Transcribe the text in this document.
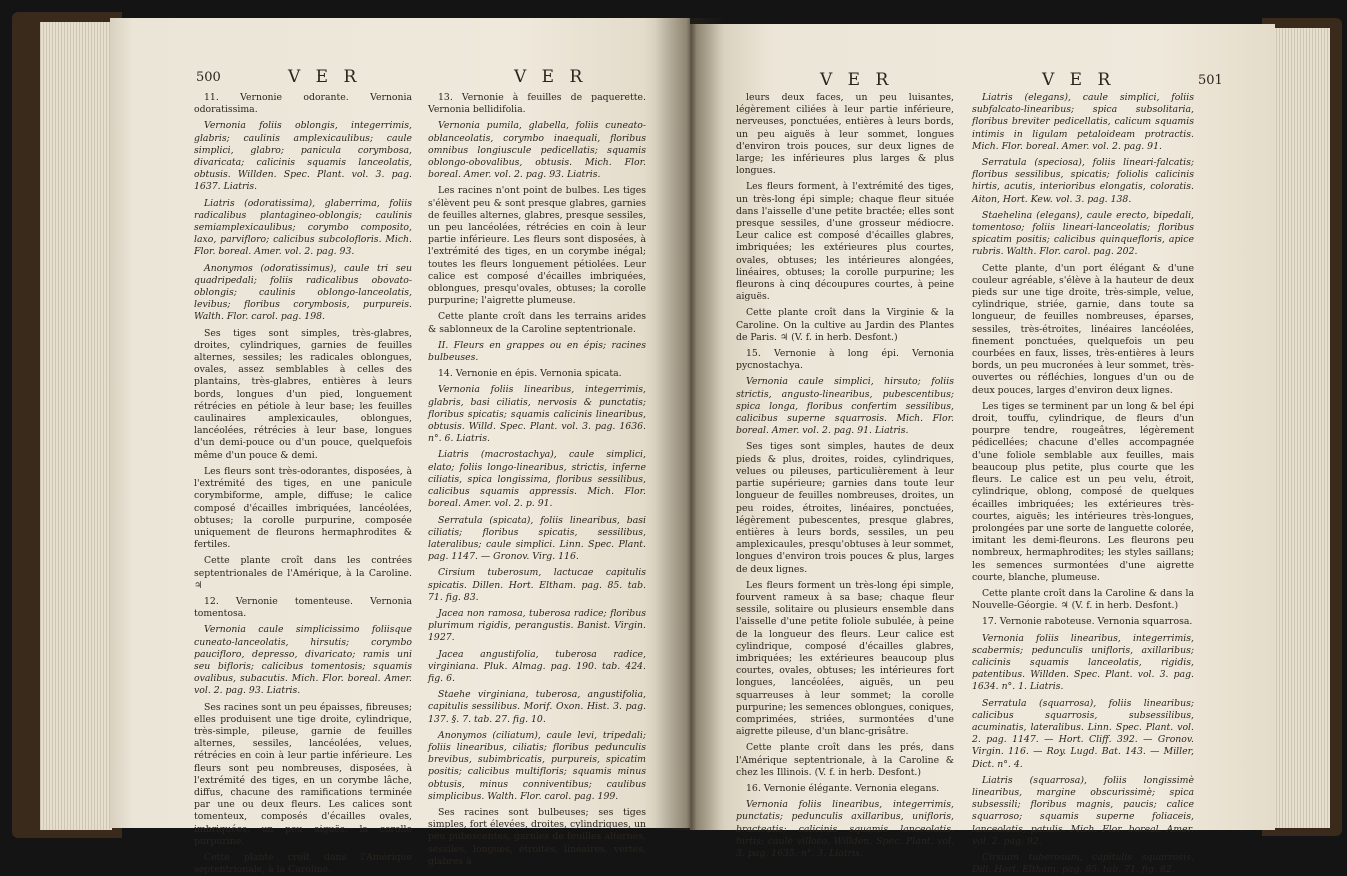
500	V E R	V E R

11. Vernonie odorante. Vernonia odoratissima.

Vernonia foliis oblongis, integerrimis, glabris; caulinis amplexicaulibus; caule simplici, glabro; panicula corymbosa, divaricata; calicinis squamis lanceolatis, obtusis. Willden. Spec. Plant. vol. 3. pag. 1637. Liatris.

Liatris (odoratissima), glaberrima, foliis radicalibus plantagineo-oblongis; caulinis semiamplexicaulibus; corymbo composito, laxo, parvifloro; calicibus subcolofloris. Mich. Flor. boreal. Amer. vol. 2. pag. 93.

Anonymos (odoratissimus), caule tri seu quadripedali; foliis radicalibus obovato-oblongis; caulinis oblongo-lanceolatis, levibus; floribus corymbosis, purpureis. Walth. Flor. carol. pag. 198.

Ses tiges sont simples, très-glabres, droites, cylindriques, garnies de feuilles alternes, sessiles; les radicales oblongues, ovales, assez semblables à celles des plantains, très-glabres, entières à leurs bords, longues d'un pied, longuement rétrécies en pétiole à leur base; les feuilles caulinaires amplexicaules, oblongues, lancéolées, rétrécies à leur base, longues d'un demi-pouce ou d'un pouce, quelquefois même d'un pouce & demi.

Les fleurs sont très-odorantes, disposées, à l'extrémité des tiges, en une panicule corymbiforme, ample, diffuse; le calice composé d'écailles imbriquées, lancéolées, obtuses; la corolle purpurine, composée uniquement de fleurons hermaphrodites & fertiles.

Cette plante croît dans les contrées septentrionales de l'Amérique, à la Caroline. ♃

12. Vernonie tomenteuse. Vernonia tomentosa.

Vernonia caule simplicissimo foliisque cuneato-lanceolatis, hirsutis; corymbo paucifloro, depresso, divaricato; ramis uni seu bifloris; calicibus tomentosis; squamis ovalibus, subacutis. Mich. Flor. boreal. Amer. vol. 2. pag. 93. Liatris.

Ses racines sont un peu épaisses, fibreuses; elles produisent une tige droite, cylindrique, très-simple, pileuse, garnie de feuilles alternes, sessiles, lancéolées, velues, rétrécies en coin à leur partie inférieure. Les fleurs sont peu nombreuses, disposées, à l'extrémité des tiges, en un corymbe lâche, diffus, chacune des ramifications terminée par une ou deux fleurs. Les calices sont tomenteux, composés d'écailles ovales, imbriquées, un peu aiguës; la corolle purpurine.

Cette plante croît dans l'Amérique septentrionale, à la Caroline.

13. Vernonie à feuilles de paquerette. Vernonia bellidifolia.

Vernonia pumila, glabella, foliis cuneato-oblanceolatis, corymbo inaequali, floribus omnibus longiuscule pedicellatis; squamis oblongo-obovalibus, obtusis. Mich. Flor. boreal. Amer. vol. 2. pag. 93. Liatris.

Les racines n'ont point de bulbes. Les tiges s'élèvent peu & sont presque glabres, garnies de feuilles alternes, glabres, presque sessiles, un peu lancéolées, rétrécies en coin à leur partie inférieure. Les fleurs sont disposées, à l'extrémité des tiges, en un corymbe inégal; toutes les fleurs longuement pétiolées. Leur calice est composé d'écailles imbriquées, oblongues, presqu'ovales, obtuses; la corolle purpurine; l'aigrette plumeuse.

Cette plante croît dans les terrains arides & sablonneux de la Caroline septentrionale.

II. Fleurs en grappes ou en épis; racines bulbeuses.

14. Vernonie en épis. Vernonia spicata.

Vernonia foliis linearibus, integerrimis, glabris, basi ciliatis, nervosis & punctatis; floribus spicatis; squamis calicinis linearibus, obtusis. Willd. Spec. Plant. vol. 3. pag. 1636. n°. 6. Liatris.

Liatris (macrostachya), caule simplici, elato; foliis longo-linearibus, strictis, inferne ciliatis, spica longissima, floribus sessilibus, calicibus squamis appressis. Mich. Flor. boreal. Amer. vol. 2. p. 91.

Serratula (spicata), foliis linearibus, basi ciliatis; floribus spicatis, sessilibus, lateralibus; caule simplici. Linn. Spec. Plant. pag. 1147. — Gronov. Virg. 116.

Cirsium tuberosum, lactucae capitulis spicatis. Dillen. Hort. Eltham. pag. 85. tab. 71. fig. 83.

Jacea non ramosa, tuberosa radice; floribus plurimum rigidis, perangustis. Banist. Virgin. 1927.

Jacea angustifolia, tuberosa radice, virginiana. Pluk. Almag. pag. 190. tab. 424. fig. 6.

Staehe virginiana, tuberosa, angustifolia, capitulis sessilibus. Morif. Oxon. Hist. 3. pag. 137. §. 7. tab. 27. fig. 10.

Anonymos (ciliatum), caule levi, tripedali; foliis linearibus, ciliatis; floribus pedunculis brevibus, subimbricatis, purpureis, spicatim positis; calicibus multifloris; squamis minus obtusis, minus conniventibus; caulibus simplicibus. Walth. Flor. carol. pag. 199.

Ses racines sont bulbeuses; ses tiges simples, fort élevées, droites, cylindriques, un peu pubescentes, garnies de feuilles alternes, sessiles, longues, étroites, linéaires, vertes, glabres à

V E R	V E R	501

leurs deux faces, un peu luisantes, légèrement ciliées à leur partie inférieure, nerveuses, ponctuées, entières à leurs bords, un peu aiguës à leur sommet, longues d'environ trois pouces, sur deux lignes de large; les inférieures plus larges & plus longues.

Les fleurs forment, à l'extrémité des tiges, un très-long épi simple; chaque fleur située dans l'aisselle d'une petite bractée; elles sont presque sessiles, d'une grosseur médiocre. Leur calice est composé d'écailles glabres, imbriquées; les extérieures plus courtes, ovales, obtuses; les intérieures alongées, linéaires, obtuses; la corolle purpurine; les fleurons à cinq découpures courtes, à peine aiguës.

Cette plante croît dans la Virginie & la Caroline. On la cultive au Jardin des Plantes de Paris. ♃ (V. f. in herb. Desfont.)

15. Vernonie à long épi. Vernonia pycnostachya.

Vernonia caule simplici, hirsuto; foliis strictis, angusto-linearibus, pubescentibus; spica longa, floribus confertim sessilibus, calicibus superne squarrosis. Mich. Flor. boreal. Amer. vol. 2. pag. 91. Liatris.

Ses tiges sont simples, hautes de deux pieds & plus, droites, roides, cylindriques, velues ou pileuses, particulièrement à leur partie supérieure; garnies dans toute leur longueur de feuilles nombreuses, droites, un peu roides, étroites, linéaires, ponctuées, légèrement pubescentes, presque glabres, entières à leurs bords, sessiles, un peu amplexicaules, presqu'obtuses à leur sommet, longues d'environ trois pouces & plus, larges de deux lignes.

Les fleurs forment un très-long épi simple, fourvent rameux à sa base; chaque fleur sessile, solitaire ou plusieurs ensemble dans l'aisselle d'une petite foliole subulée, à peine de la longueur des fleurs. Leur calice est cylindrique, composé d'écailles glabres, imbriquées; les extérieures beaucoup plus courtes, ovales, obtuses; les intérieures fort longues, lancéolées, aiguës, un peu squarreuses à leur sommet; la corolle purpurine; les semences oblongues, coniques, comprimées, striées, surmontées d'une aigrette pileuse, d'un blanc-grisâtre.

Cette plante croît dans les prés, dans l'Amérique septentrionale, à la Caroline & chez les Illinois. (V. f. in herb. Desfont.)

16. Vernonie élégante. Vernonia elegans.

Vernonia foliis linearibus, integerrimis, punctatis; pedunculis axillaribus, unifloris, bracteatis; calicinis squamis lanceolatis, hirtis; caule villoso. Willden. Spec. Plant. vol. 3. pag. 1635. n°. 3. Liatris.

Liatris (elegans), caule simplici, foliis subfalcato-linearibus; spica subsolitaria, floribus breviter pedicellatis, calicum squamis intimis in ligulam petaloideam protractis. Mich. Flor. boreal. Amer. vol. 2. pag. 91.

Serratula (speciosa), foliis lineari-falcatis; floribus sessilibus, spicatis; foliolis calicinis hirtis, acutis, interioribus elongatis, coloratis. Aiton, Hort. Kew. vol. 3. pag. 138.

Staehelina (elegans), caule erecto, bipedali, tomentoso; foliis lineari-lanceolatis; floribus spicatim positis; calicibus quinquefloris, apice rubris. Walth. Flor. carol. pag. 202.

Cette plante, d'un port élégant & d'une couleur agréable, s'élève à la hauteur de deux pieds sur une tige droite, très-simple, velue, cylindrique, striée, garnie, dans toute sa longueur, de feuilles nombreuses, éparses, sessiles, très-étroites, linéaires lancéolées, finement ponctuées, quelquefois un peu courbées en faux, lisses, très-entières à leurs bords, un peu mucronées à leur sommet, très-ouvertes ou réfléchies, longues d'un ou de deux pouces, larges d'environ deux lignes.

Les tiges se terminent par un long & bel épi droit, touffu, cylindrique, de fleurs d'un pourpre tendre, rougeâtres, légèrement pédicellées; chacune d'elles accompagnée d'une foliole semblable aux feuilles, mais beaucoup plus petite, plus courte que les fleurs. Le calice est un peu velu, étroit, cylindrique, oblong, composé de quelques écailles imbriquées; les extérieures très-courtes, aiguës; les intérieures très-longues, prolongées par une sorte de languette colorée, imitant les demi-fleurons. Les fleurons peu nombreux, hermaphrodites; les styles saillans; les semences surmontées d'une aigrette courte, blanche, plumeuse.

Cette plante croît dans la Caroline & dans la Nouvelle-Géorgie. ♃ (V. f. in herb. Desfont.)

17. Vernonie raboteuse. Vernonia squarrosa.

Vernonia foliis linearibus, integerrimis, scabermis; pedunculis unifloris, axillaribus; calicinis squamis lanceolatis, rigidis, patentibus. Willden. Spec. Plant. vol. 3. pag. 1634. n°. 1. Liatris.

Serratula (squarrosa), foliis linearibus; calicibus squarrosis, subsessilibus, acuminatis, lateralibus. Linn. Spec. Plant. vol. 2. pag. 1147. — Hort. Cliff. 392. — Gronov. Virgin. 116. — Roy. Lugd. Bat. 143. — Miller, Dict. n°. 4.

Liatris (squarrosa), foliis longissimè linearibus, margine obscurissimè; spica subsessili; floribus magnis, paucis; calice squarroso; squamis superne foliaceis, lanceolatis, patulis. Mich. Flor. boreal. Amer. vol. 2. pag. 92.

Cirsium tuberosum, capitulis squarrosis. Dill. Hort. Eltham. pag. 85. tab. 71. fig. 82.
